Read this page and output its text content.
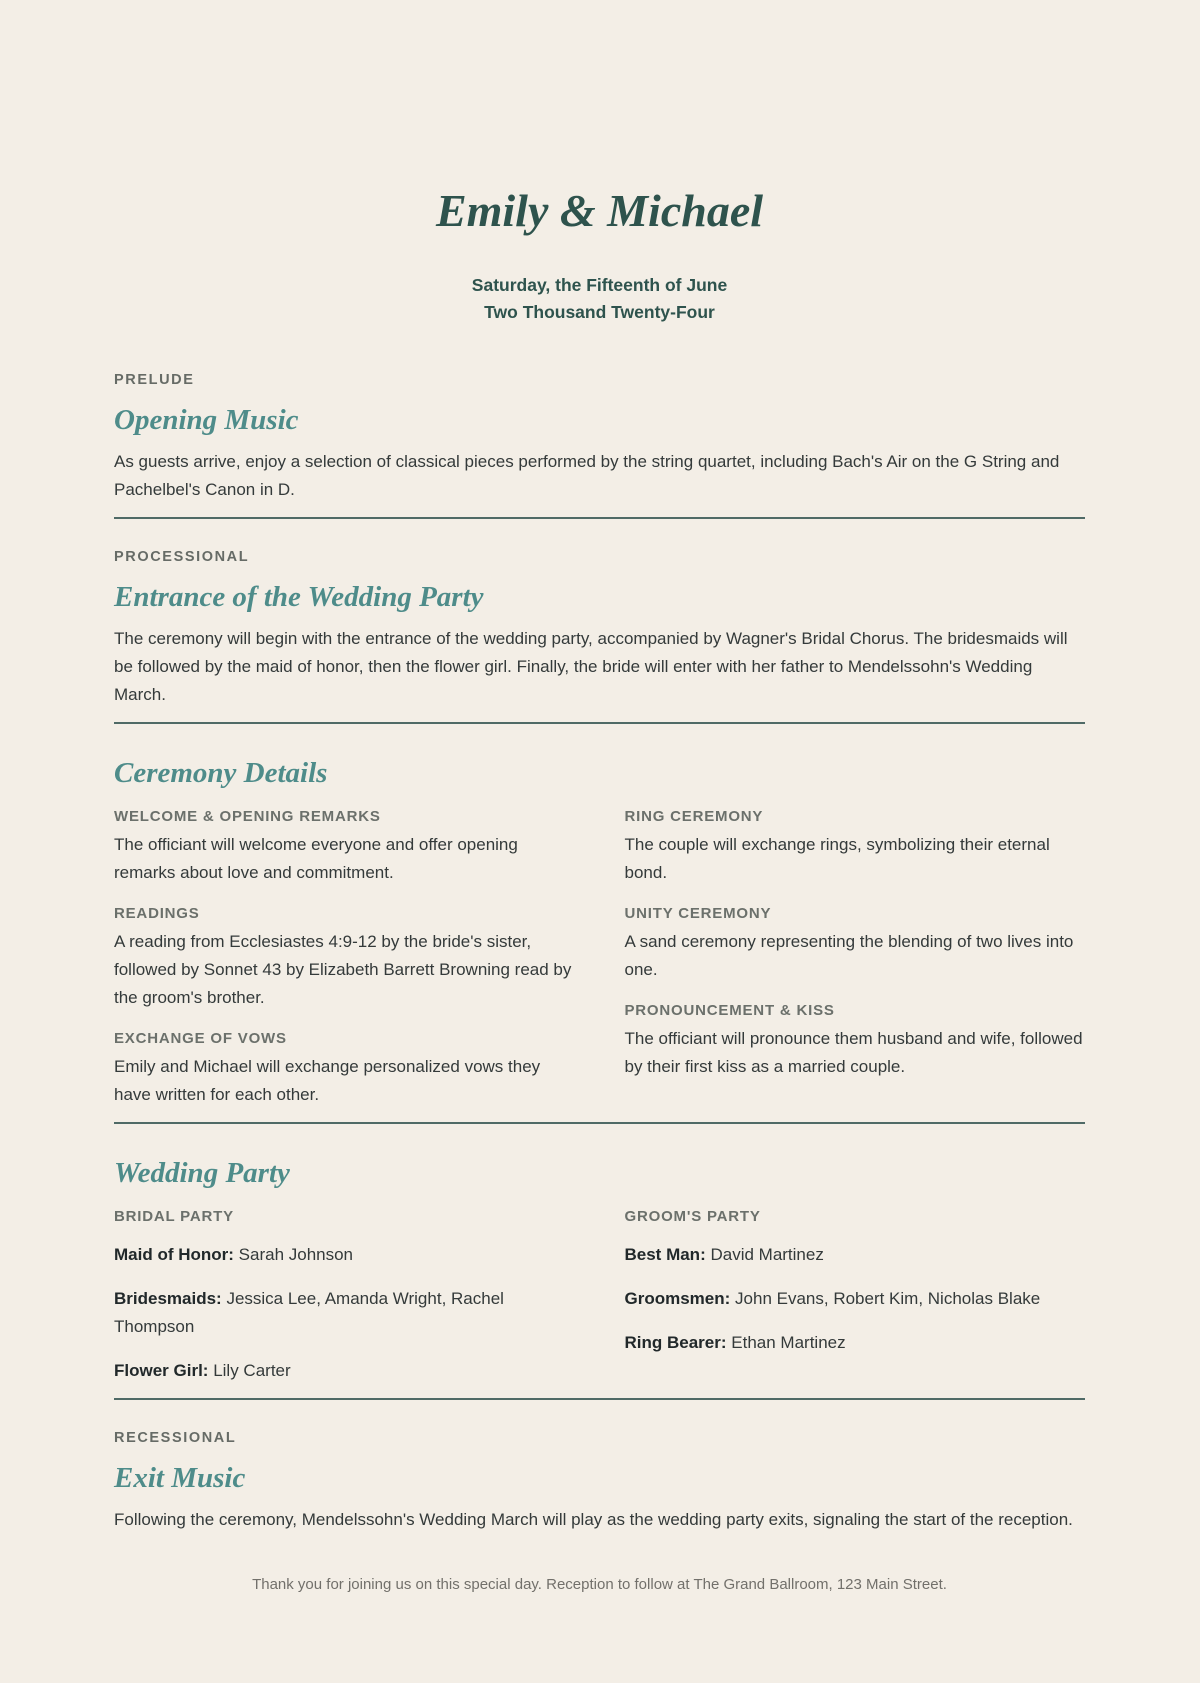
Emily & Michael
Saturday, the Fifteenth of June
Two Thousand Twenty-Four
PRELUDE
Opening Music

As guests arrive, enjoy a selection of classical pieces performed by the string quartet, including Bach's Air on the G String and Pachelbel's Canon in D.

PROCESSIONAL
Entrance of the Wedding Party

The ceremony will begin with the entrance of the wedding party, accompanied by Wagner's Bridal Chorus. The bridesmaids will be followed by the maid of honor, then the flower girl. Finally, the bride will enter with her father to Mendelssohn's Wedding March.

Ceremony Details
WELCOME & OPENING REMARKS

The officiant will welcome everyone and offer opening remarks about love and commitment.

READINGS

A reading from Ecclesiastes 4:9-12 by the bride's sister, followed by Sonnet 43 by Elizabeth Barrett Browning read by the groom's brother.

EXCHANGE OF VOWS

Emily and Michael will exchange personalized vows they have written for each other.

RING CEREMONY

The couple will exchange rings, symbolizing their eternal bond.

UNITY CEREMONY

A sand ceremony representing the blending of two lives into one.

PRONOUNCEMENT & KISS

The officiant will pronounce them husband and wife, followed by their first kiss as a married couple.

Wedding Party
BRIDAL PARTY

Maid of Honor: Sarah Johnson

Bridesmaids: Jessica Lee, Amanda Wright, Rachel Thompson

Flower Girl: Lily Carter

GROOM'S PARTY

Best Man: David Martinez

Groomsmen: John Evans, Robert Kim, Nicholas Blake

Ring Bearer: Ethan Martinez

RECESSIONAL
Exit Music

Following the ceremony, Mendelssohn's Wedding March will play as the wedding party exits, signaling the start of the reception.

Thank you for joining us on this special day. Reception to follow at The Grand Ballroom, 123 Main Street.
